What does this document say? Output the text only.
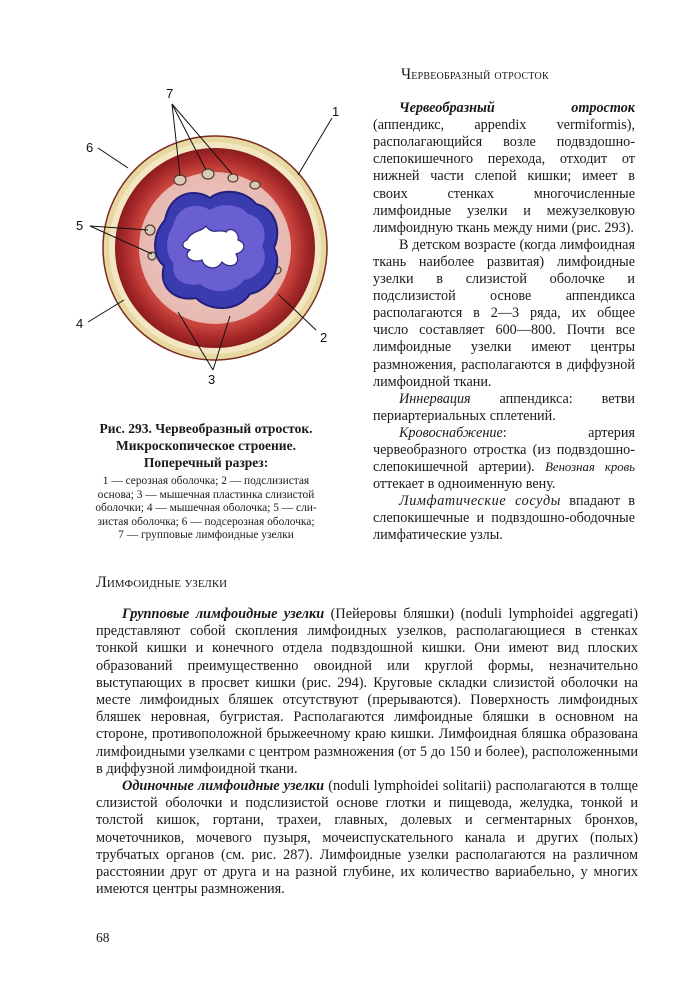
7
1
6
5
4
2
3
Рис. 293. Червеобразный отросток.
Микроскопическое строение.
Поперечный разрез:
1 — серозная оболочка; 2 — подслизистая
основа; 3 — мышечная пластинка слизистой
оболочки; 4 — мышечная оболочка; 5 — сли-
зистая оболочка; 6 — подсерозная оболочка;
7 — групповые лимфоидные узелки
Червеобразный отросток

Червеобразный отросток (аппендикс, appendix vermiformis), располагающийся возле подвздошно-слепокишечного перехода, отходит от нижней части слепой кишки; имеет в своих стенках многочисленные лимфоидные узелки и межузелковую лимфоидную ткань между ними (рис. 293).

В детском возрасте (когда лимфоидная ткань наиболее развитая) лимфоидные узелки в слизистой оболочке и подслизистой основе аппендикса располагаются в 2—3 ряда, их общее число составляет 600—800. Почти все лимфоидные узелки имеют центры размножения, располагаются в диффузной лимфоидной ткани.

Иннервация аппендикса: ветви периартериальных сплетений.

Кровоснабжение: артерия червеобразного отростка (из подвздошно-слепокишечной артерии). Венозная кровь оттекает в одноименную вену.

Лимфатические сосуды впадают в слепокишечные и подвздошно-ободочные лимфатические узлы.

Лимфоидные узелки

Групповые лимфоидные узелки (Пейеровы бляшки) (noduli lymphoidei aggregati) представляют собой скопления лимфоидных узелков, располагающиеся в стенках тонкой кишки и конечного отдела подвздошной кишки. Они имеют вид плоских образований преимущественно овоидной или круглой формы, незначительно выступающих в просвет кишки (рис. 294). Круговые складки слизистой оболочки на месте лимфоидных бляшек отсутствуют (прерываются). Поверхность лимфоидных бляшек неровная, бугристая. Располагаются лимфоидные бляшки в основном на стороне, противоположной брыжеечному краю кишки. Лимфоидная бляшка образована лимфоидными узелками с центром размножения (от 5 до 150 и более), расположенными в диффузной лимфоидной ткани.

Одиночные лимфоидные узелки (noduli lymphoidei solitarii) располагаются в толще слизистой оболочки и подслизистой основе глотки и пищевода, желудка, тонкой и толстой кишок, гортани, трахеи, главных, долевых и сегментарных бронхов, мочеточников, мочевого пузыря, мочеиспускательного канала и других (полых) трубчатых органов (см. рис. 287). Лимфоидные узелки располагаются на различном расстоянии друг от друга и на разной глубине, их количество вариабельно, у многих имеются центры размножения.

68
